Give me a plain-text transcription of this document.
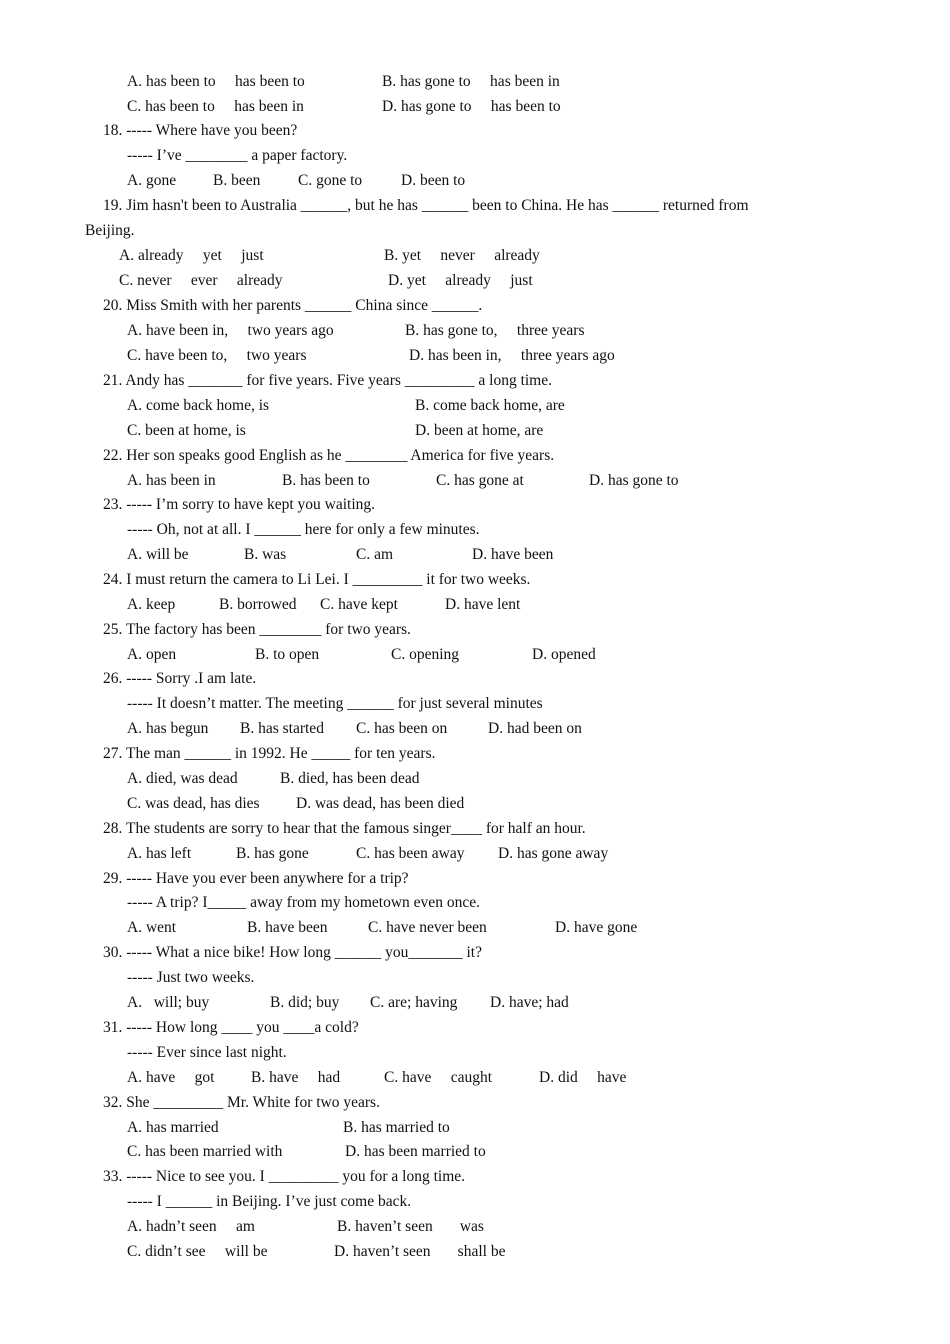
A. has been to     has been to	B. has gone to     has been in
C. has been to     has been in	D. has gone to     has been to
18. ----- Where have you been?
----- I’ve ________ a paper factory.
A. gone B. been C. gone to	D. been to
19. Jim hasn't been to Australia ______, but he has ______ been to China. He has ______ returned from
Beijing.
A. already     yet     just	B. yet     never     already
C. never     ever     already	D. yet     already     just
20. Miss Smith with her parents ______ China since ______.
A. have been in,     two years ago	B. has gone to,     three years
C. have been to,     two years	D. has been in,     three years ago
21. Andy has _______ for five years. Five years _________ a long time.
A. come back home, is	B. come back home, are
C. been at home, is	D. been at home, are
22. Her son speaks good English as he ________ America for five years.
A. has been in	B. has been to	C. has gone at	D. has gone to
23. ----- I’m sorry to have kept you waiting.
----- Oh, not at all. I ______ here for only a few minutes.
A. will be	B. was	C. am	D. have been
24. I must return the camera to Li Lei. I _________ it for two weeks.
A. keep	B. borrowed C. have kept	D. have lent
25. The factory has been ________ for two years.
A. open	B. to open	C. opening	D. opened
26. ----- Sorry .I am late.
----- It doesn’t matter. The meeting ______ for just several minutes
A. has begun B. has started C. has been on	D. had been on
27. The man ______ in 1992. He _____ for ten years.
A. died, was dead	B. died, has been dead
C. was dead, has dies D. was dead, has been died
28. The students are sorry to hear that the famous singer____ for half an hour.
A. has left	B. has gone	C. has been away D. has gone away
29. ----- Have you ever been anywhere for a trip?
----- A trip? I_____ away from my hometown even once.
A. went	B. have been	C. have never been	D. have gone
30. ----- What a nice bike! How long ______ you_______ it?
----- Just two weeks.
A.   will; buy	B. did; buy C. are; having D. have; had
31. ----- How long ____ you ____a cold?
----- Ever since last night.
A. have     got B. have     had	C. have     caught	D. did     have
32. She _________ Mr. White for two years.
A. has married	B. has married to
C. has been married with	D. has been married to
33. ----- Nice to see you. I _________ you for a long time.
----- I ______ in Beijing. I’ve just come back.
A. hadn’t seen     am	B. haven’t seen       was
C. didn’t see     will be	D. haven’t seen       shall be
